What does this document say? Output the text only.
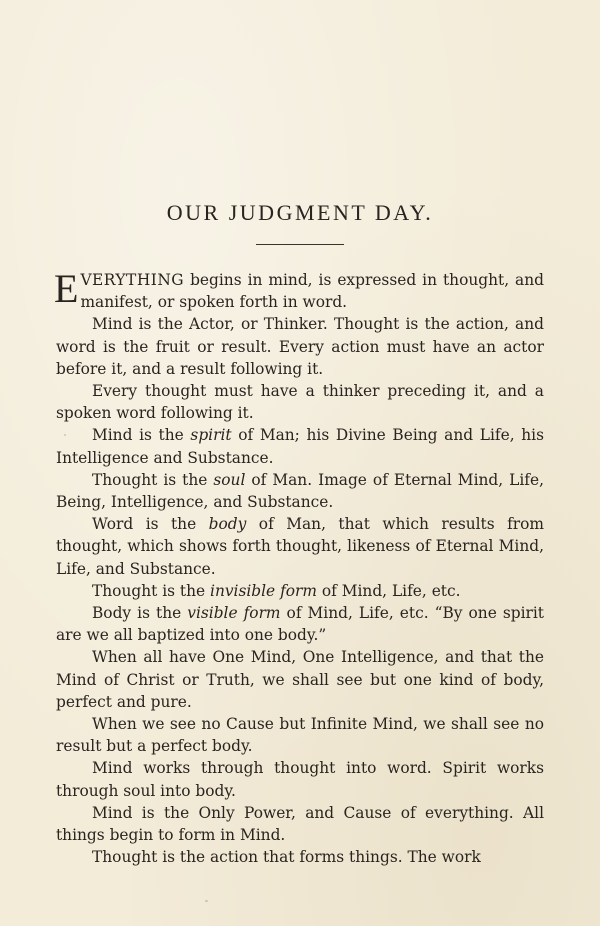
OUR JUDGMENT DAY.

EVERYTHING begins in mind, is expressed in thought, and manifest, or spoken forth in word.

Mind is the Actor, or Thinker. Thought is the action, and word is the fruit or result. Every action must have an actor before it, and a result following it.

Every thought must have a thinker preceding it, and a spoken word following it.

Mind is the spirit of Man; his Divine Being and Life, his Intelligence and Substance.

Thought is the soul of Man. Image of Eternal Mind, Life, Being, Intelligence, and Substance.

Word is the body of Man, that which results from thought, which shows forth thought, likeness of Eternal Mind, Life, and Substance.

Thought is the invisible form of Mind, Life, etc.

Body is the visible form of Mind, Life, etc. “By one spirit are we all baptized into one body.”

When all have One Mind, One Intelligence, and that the Mind of Christ or Truth, we shall see but one kind of body, perfect and pure.

When we see no Cause but Infinite Mind, we shall see no result but a perfect body.

Mind works through thought into word. Spirit works through soul into body.

Mind is the Only Power, and Cause of everything. All things begin to form in Mind.

Thought is the action that forms things. The work
